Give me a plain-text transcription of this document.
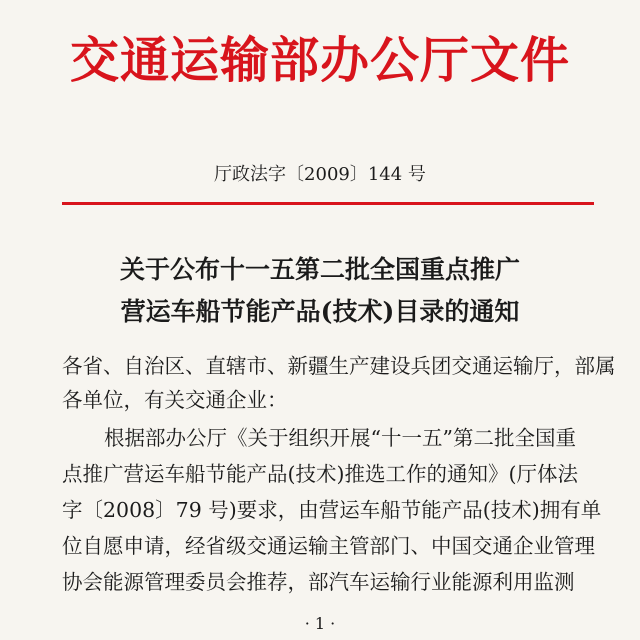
交通运输部办公厅文件
厅政法字〔2009〕144 号
关于公布十一五第二批全国重点推广
营运车船节能产品(技术)目录的通知
各省、自治区、直辖市、新疆生产建设兵团交通运输厅，部属
各单位，有关交通企业：
根据部办公厅《关于组织开展“十一五”第二批全国重
点推广营运车船节能产品(技术)推选工作的通知》(厅体法
字〔2008〕79 号)要求，由营运车船节能产品(技术)拥有单
位自愿申请，经省级交通运输主管部门、中国交通企业管理
协会能源管理委员会推荐，部汽车运输行业能源利用监测
· 1 ·
